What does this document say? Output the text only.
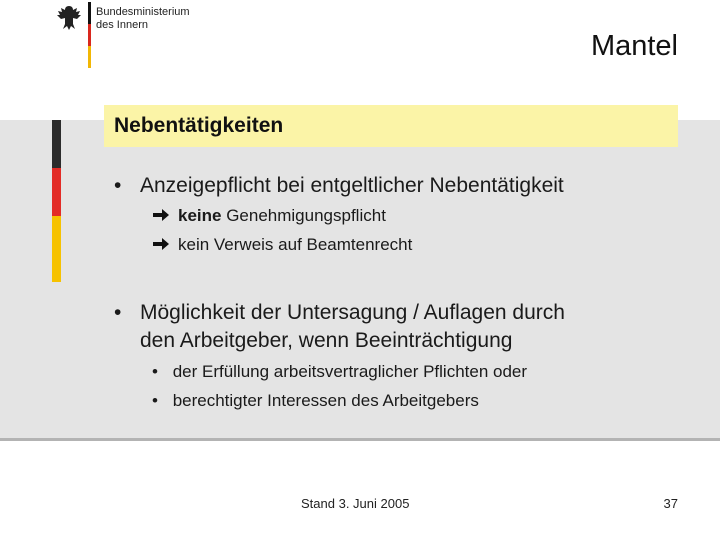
Bundesministerium
des Innern
Mantel
Nebentätigkeiten
• Anzeigepflicht bei entgeltlicher Nebentätigkeit
keine Genehmigungspflicht
kein Verweis auf Beamtenrecht
• Möglichkeit der Untersagung / Auflagen durch
den Arbeitgeber, wenn Beeinträchtigung
• der Erfüllung arbeitsvertraglicher Pflichten oder
• berechtigter Interessen des Arbeitgebers
Stand 3. Juni 2005	37
